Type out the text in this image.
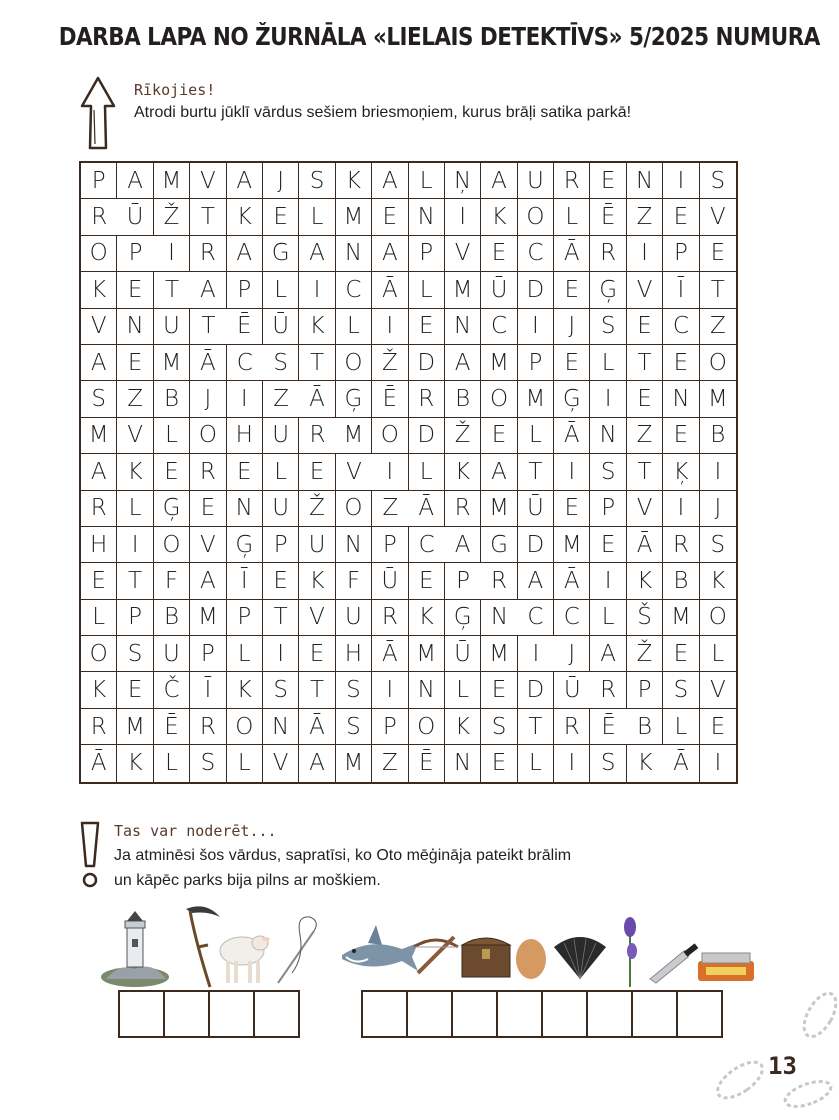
DARBA LAPA NO ŽURNĀLA «LIELAIS DETEKTĪVS» 5/2025 NUMURA
Rīkojies!
Atrodi burtu jūklī vārdus sešiem briesmoņiem, kurus brāļi satika parkā!
P A M V A	J	S K A L Ņ A U R E N	I	S
R Ū Ž T K E L M E N	I	K O L Ē Z E V
O P	I	R A G A N A P V E C Ā R	I	P E
K E T A P	L	I	C Ā L M Ū D E Ģ V	Ī	T
V N U T Ē Ū K L	I	E N C	I	J	S E C Z
A E M Ā C S T O Ž D A M P E L T E O
S Z B	J	I	Z Ā Ģ Ē R B O M Ģ	I	E N M
M V L O H U R M O D Ž E L Ā N Z E B
A K E R E L E V	I	L K A T	I	S T Ķ	I
R L Ģ E N U Ž O Z Ā R M Ū E P V	I	J
H	I	O V Ģ P U N P C A G D M E Ā R S
E T F A	Ī	E K F Ū E P R A Ā	I	K B K
L	P B M P T V U R K Ģ N C C L Š M O
O S U P	L	I	E H Ā M Ū M	I	J	A Ž E	L
K E Č	Ī	K S T S	I	N L E D Ū R P S V
R M Ē R O N Ā S P O K S T R Ē B L	E
Ā K L S L V A M Z Ē N E L	I	S K Ā	I
Tas var noderēt...
Ja atminēsi šos vārdus, sapratīsi, ko Oto mēģināja pateikt brālim
un kāpēc parks bija pilns ar moškiem.
13
